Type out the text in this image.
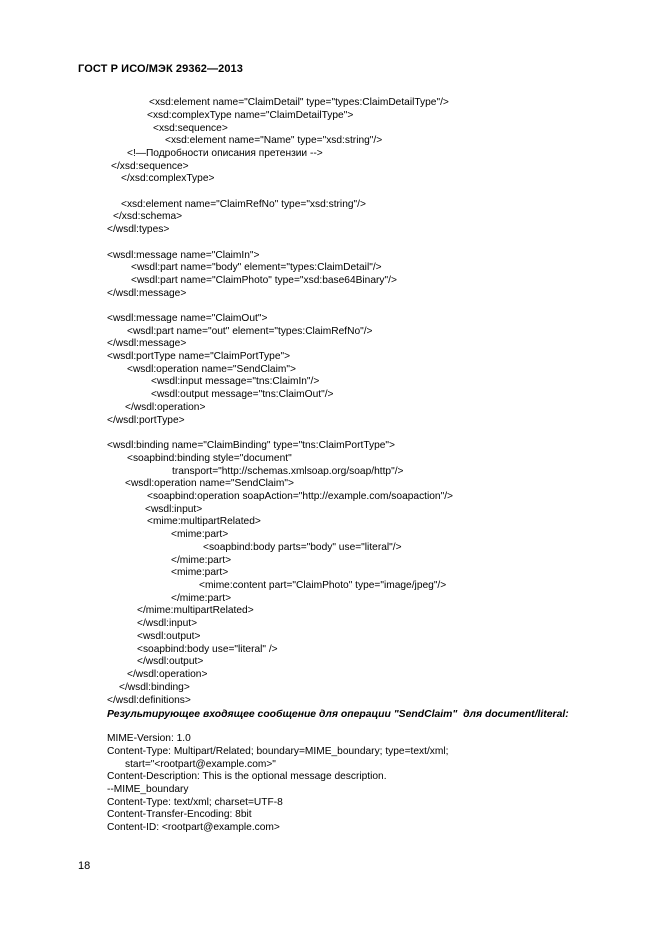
ГОСТ Р ИСО/МЭК 29362—2013
<xsd:element name="ClaimDetail" type="types:ClaimDetailType"/>
<xsd:complexType name="ClaimDetailType">
<xsd:sequence>
<xsd:element name="Name" type="xsd:string"/>
<!—Подробности описания претензии -->
</xsd:sequence>
</xsd:complexType>
<xsd:element name="ClaimRefNo" type="xsd:string"/>
</xsd:schema>
</wsdl:types>
<wsdl:message name="ClaimIn">
<wsdl:part name="body" element="types:ClaimDetail"/>
<wsdl:part name="ClaimPhoto" type="xsd:base64Binary"/>
</wsdl:message>
<wsdl:message name="ClaimOut">
<wsdl:part name="out" element="types:ClaimRefNo"/>
</wsdl:message>
<wsdl:portType name="ClaimPortType">
<wsdl:operation name="SendClaim">
<wsdl:input message="tns:ClaimIn"/>
<wsdl:output message="tns:ClaimOut"/>
</wsdl:operation>
</wsdl:portType>
<wsdl:binding name="ClaimBinding" type="tns:ClaimPortType">
<soapbind:binding style="document"
transport="http://schemas.xmlsoap.org/soap/http"/>
<wsdl:operation name="SendClaim">
<soapbind:operation soapAction="http://example.com/soapaction"/>
<wsdl:input>
<mime:multipartRelated>
<mime:part>
<soapbind:body parts="body" use="literal"/>
</mime:part>
<mime:part>
<mime:content part="ClaimPhoto" type="image/jpeg"/>
</mime:part>
</mime:multipartRelated>
</wsdl:input>
<wsdl:output>
<soapbind:body use="literal" />
</wsdl:output>
</wsdl:operation>
</wsdl:binding>
</wsdl:definitions>
Результирующее входящее сообщение для операции "SendClaim"  для document/literal:
MIME-Version: 1.0
Content-Type: Multipart/Related; boundary=MIME_boundary; type=text/xml;
start="<rootpart@example.com>"
Content-Description: This is the optional message description.
--MIME_boundary
Content-Type: text/xml; charset=UTF-8
Content-Transfer-Encoding: 8bit
Content-ID: <rootpart@example.com>
18
